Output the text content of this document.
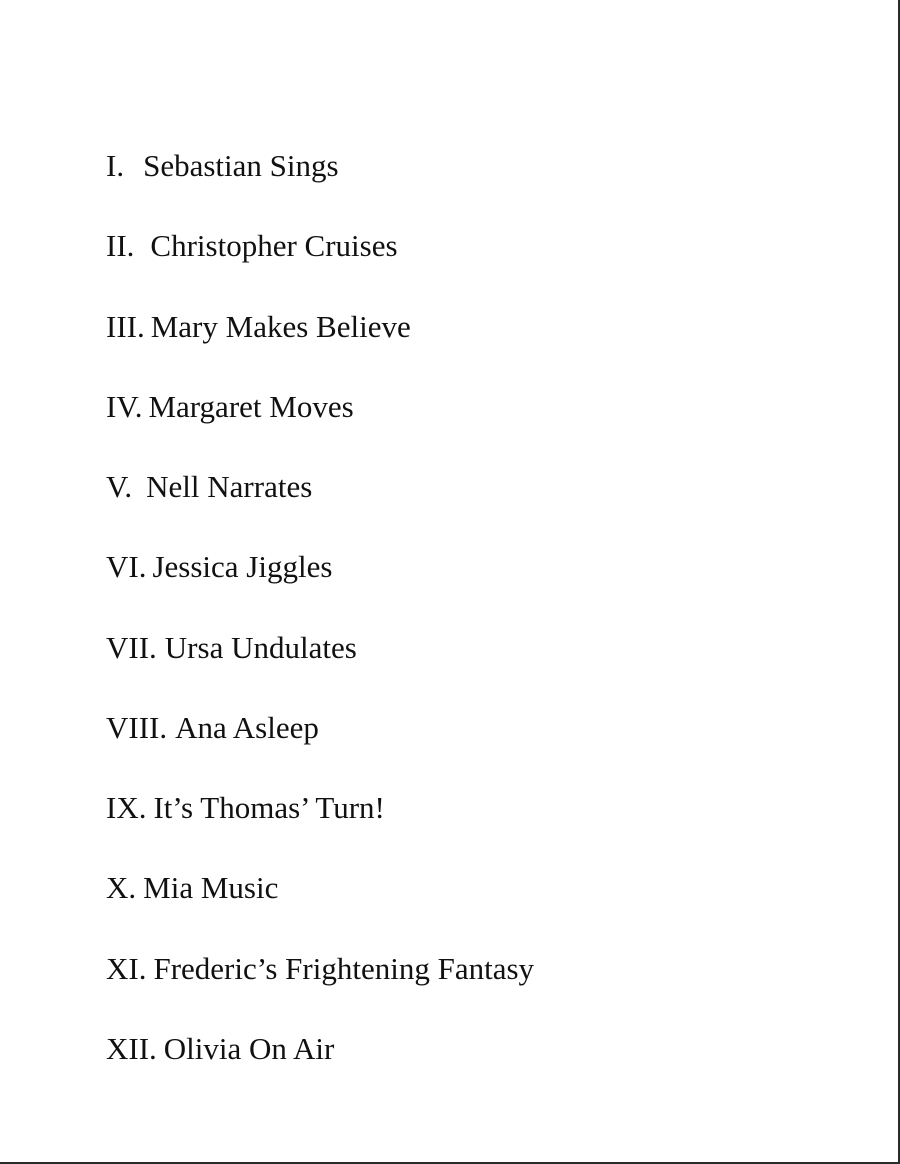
I. Sebastian Sings
II. Christopher Cruises
III. Mary Makes Believe
IV. Margaret Moves
V. Nell Narrates
VI. Jessica Jiggles
VII. Ursa Undulates
VIII. Ana Asleep
IX. It’s Thomas’ Turn!
X. Mia Music
XI. Frederic’s Frightening Fantasy
XII. Olivia On Air
